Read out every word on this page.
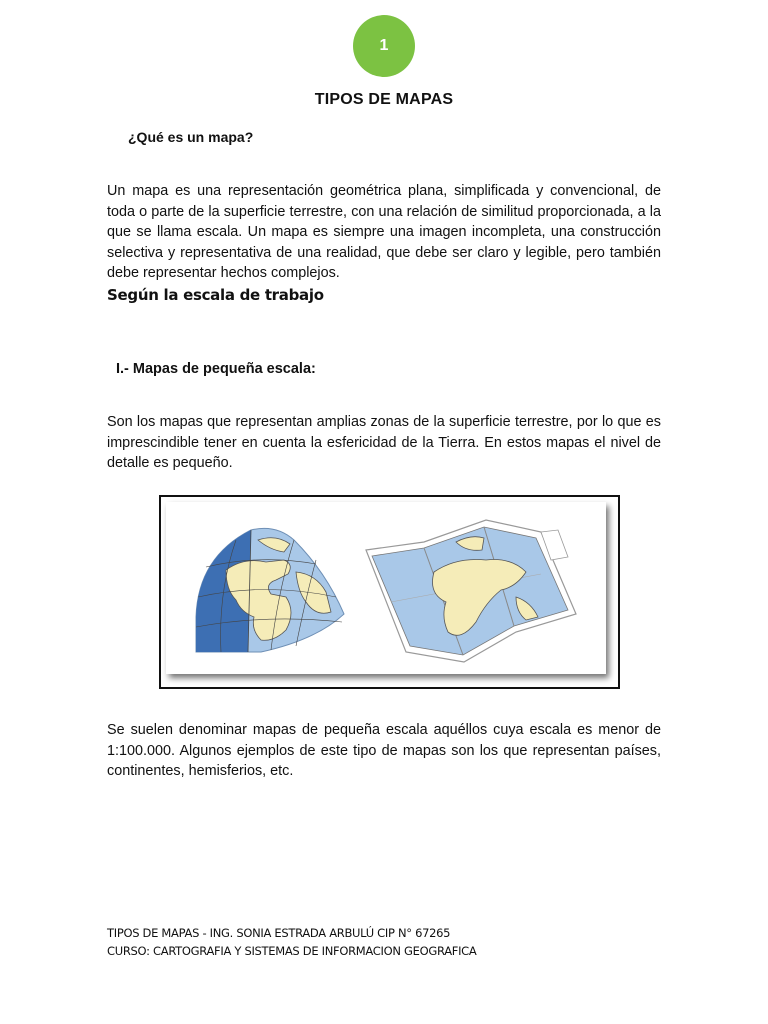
1
TIPOS DE MAPAS
¿Qué es un mapa?

Un mapa es una representación geométrica plana, simplificada y convencional, de toda o parte de la superficie terrestre, con una relación de similitud proporcionada, a la que se llama escala. Un mapa es siempre una imagen incompleta, una construcción selectiva y representativa de una realidad, que debe ser claro y legible, pero también debe representar hechos complejos.

Según la escala de trabajo
I.- Mapas de pequeña escala:

Son los mapas que representan amplias zonas de la superficie terrestre, por lo que es imprescindible tener en cuenta la esfericidad de la Tierra. En estos mapas el nivel de detalle es pequeño.

Se suelen denominar mapas de pequeña escala aquéllos cuya escala es menor de 1:100.000. Algunos ejemplos de este tipo de mapas son los que representan países, continentes, hemisferios, etc.

TIPOS DE MAPAS - ING. SONIA ESTRADA ARBULÚ CIP N° 67265
CURSO: CARTOGRAFIA Y SISTEMAS DE INFORMACION GEOGRAFICA
